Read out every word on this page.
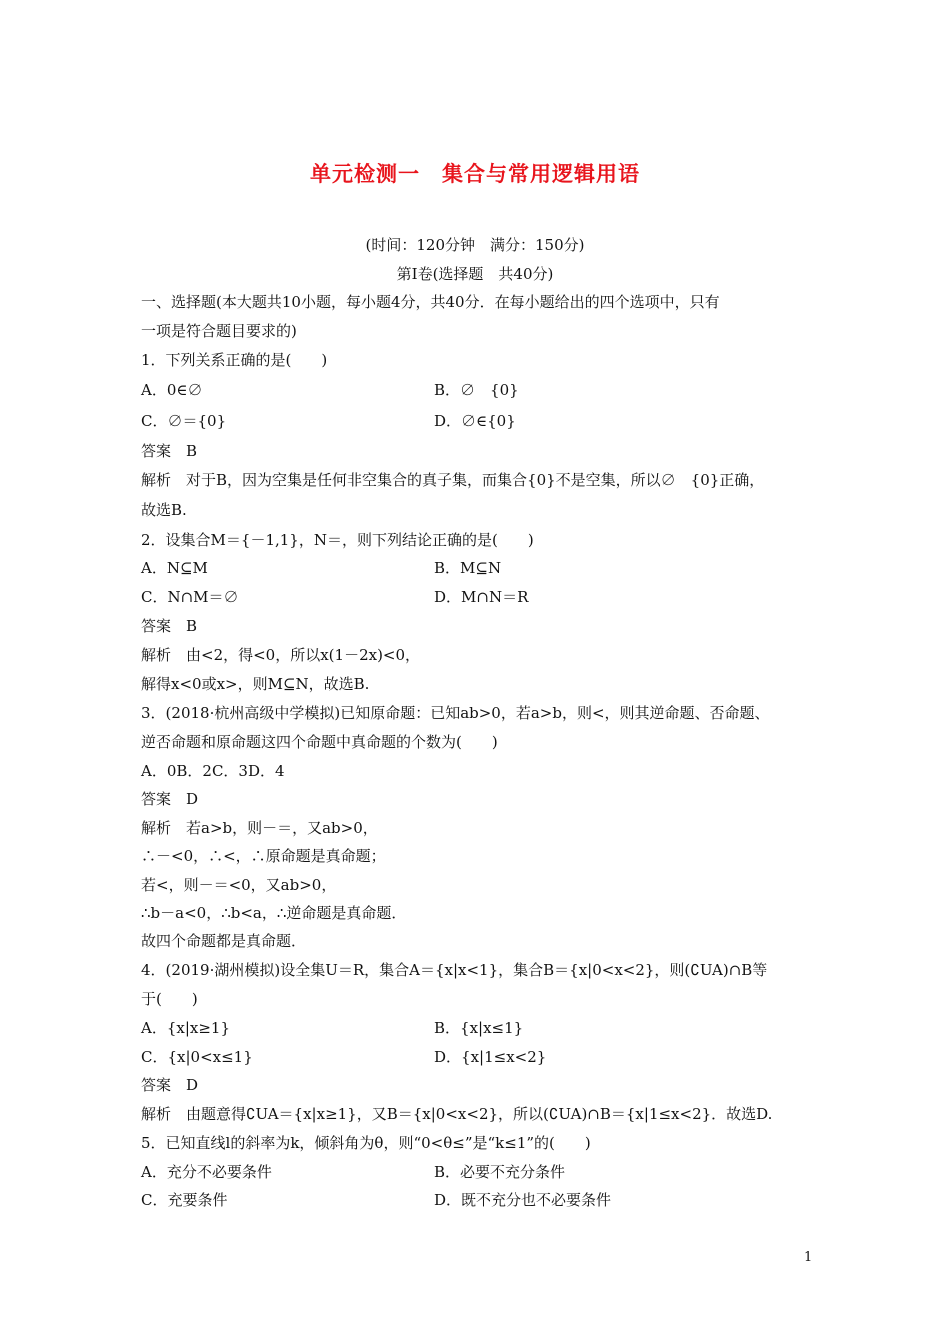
单元检测一　集合与常用逻辑用语
(时间：120分钟　满分：150分)
第Ⅰ卷(选择题　共40分)
一、选择题(本大题共10小题，每小题4分，共40分．在每小题给出的四个选项中，只有
一项是符合题目要求的)
1．下列关系正确的是(　　)
A．0∈∅	B．∅　{0}
C．∅＝{0}	D．∅∈{0}
答案　B
解析　对于B，因为空集是任何非空集合的真子集，而集合{0}不是空集，所以∅　{0}正确，
故选B.
2．设集合M＝{－1,1}，N＝，则下列结论正确的是(　　)
A．N⊆M	B．M⊆N
C．N∩M＝∅	D．M∩N＝R
答案　B
解析　由<2，得<0，所以x(1－2x)<0，
解得x<0或x>，则M⊆N，故选B.
3．(2018·杭州高级中学模拟)已知原命题：已知ab>0，若a>b，则<，则其逆命题、否命题、
逆否命题和原命题这四个命题中真命题的个数为(　　)
A．0B．2C．3D．4
答案　D
解析　若a>b，则－＝，又ab>0，
∴－<0，∴<，∴原命题是真命题；
若<，则－＝<0，又ab>0，
∴b－a<0，∴b<a，∴逆命题是真命题．
故四个命题都是真命题．
4．(2019·湖州模拟)设全集U＝R，集合A＝{x|x<1}，集合B＝{x|0<x<2}，则(∁UA)∩B等
于(　　)
A．{x|x≥1}	B．{x|x≤1}
C．{x|0<x≤1}	D．{x|1≤x<2}
答案　D
解析　由题意得∁UA＝{x|x≥1}，又B＝{x|0<x<2}，所以(∁UA)∩B＝{x|1≤x<2}．故选D.
5．已知直线l的斜率为k，倾斜角为θ，则“0<θ≤”是“k≤1”的(　　)
A．充分不必要条件	B．必要不充分条件
C．充要条件	D．既不充分也不必要条件
1
